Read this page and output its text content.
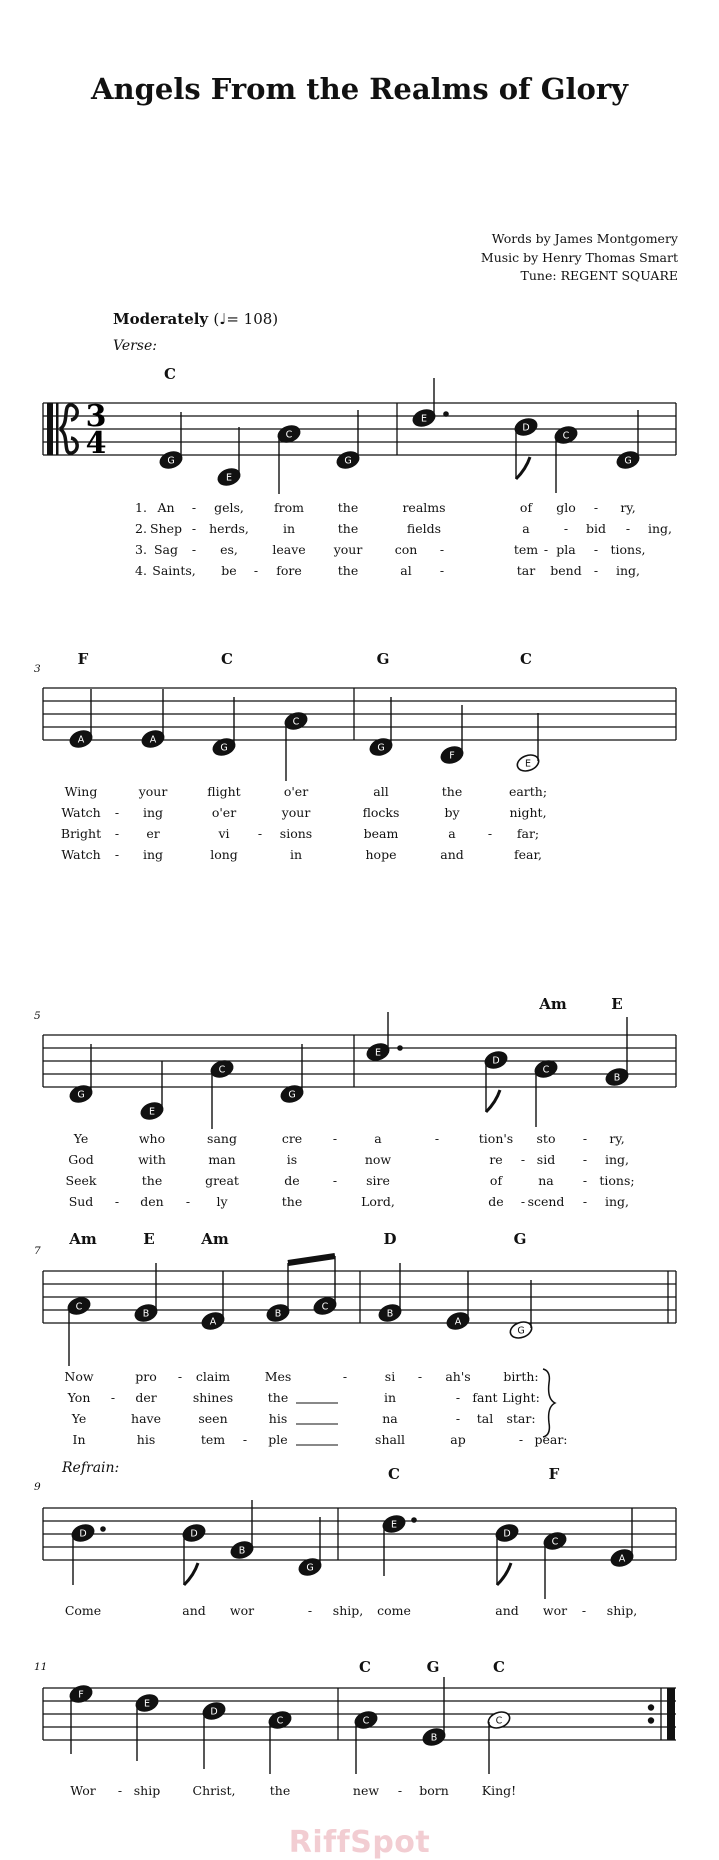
Angels From the Realms of Glory
Words by James Montgomery
Music by Henry Thomas Smart
Tune: REGENT SQUARE
Moderately (♩= 108)
Verse:
Refrain:
3
5
7
9
11
C
F	C	G	C
Am	E
Am	E	Am	D	G
C	F
C	G	C
1. An - gels, from	the	realms	of glo - ry,
Wing	your	flight	o'er	all	the	earth;
Ye	who	sang	cre -	a	-	tion's sto - ry,
Now	pro - claim	Mes	-	si - ah's	birth:
2. Shep - herds,	in	the	fields	a	- bid - ing,
Watch - ing	o'er	your	flocks	by	night,
God	with	man	is	now	re - sid - ing,
Yon - der	shines	the	in	- fant Light:
3. Sag - es,	leave your	con -	tem - pla - tions,
Bright - er	vi - sions	beam	a	- far;
Seek	the	great	de	- sire	of	na - tions;
Ye	have	seen	his	na	- tal star:
4. Saints, be - fore	the	al -	tar bend - ing,
Watch - ing	long	in	hope	and	fear,
Sud - den - ly	the	Lord,	de - scend - ing,
In	his	tem - ple	shall	ap	- pear:
Come	and wor	- ship, come	and wor - ship,
Wor - ship	Christ,	the	new - born	King!
3
4	G
E
C
G
E
D
C
G
A	A
G
C
G
F
E
G
E
C
G
E
D
C
B
C
B
A
B
C
B
A
G
D	D
B
G
E
D
C
A
F
E
D
C	C
B
C
RiffSpot
